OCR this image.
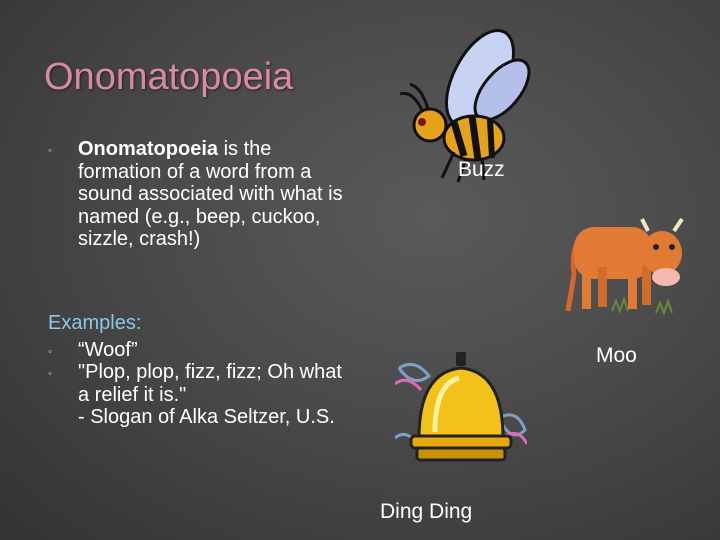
Onomatopoeia
◦ Onomatopoeia is the formation of a word from a sound associated with what is named (e.g., beep, cuckoo, sizzle, crash!)
Examples:
◦ “Woof”
◦ "Plop, plop, fizz, fizz; Oh what a relief it is."
- Slogan of Alka Seltzer, U.S.
Buzz
Moo
Ding Ding
